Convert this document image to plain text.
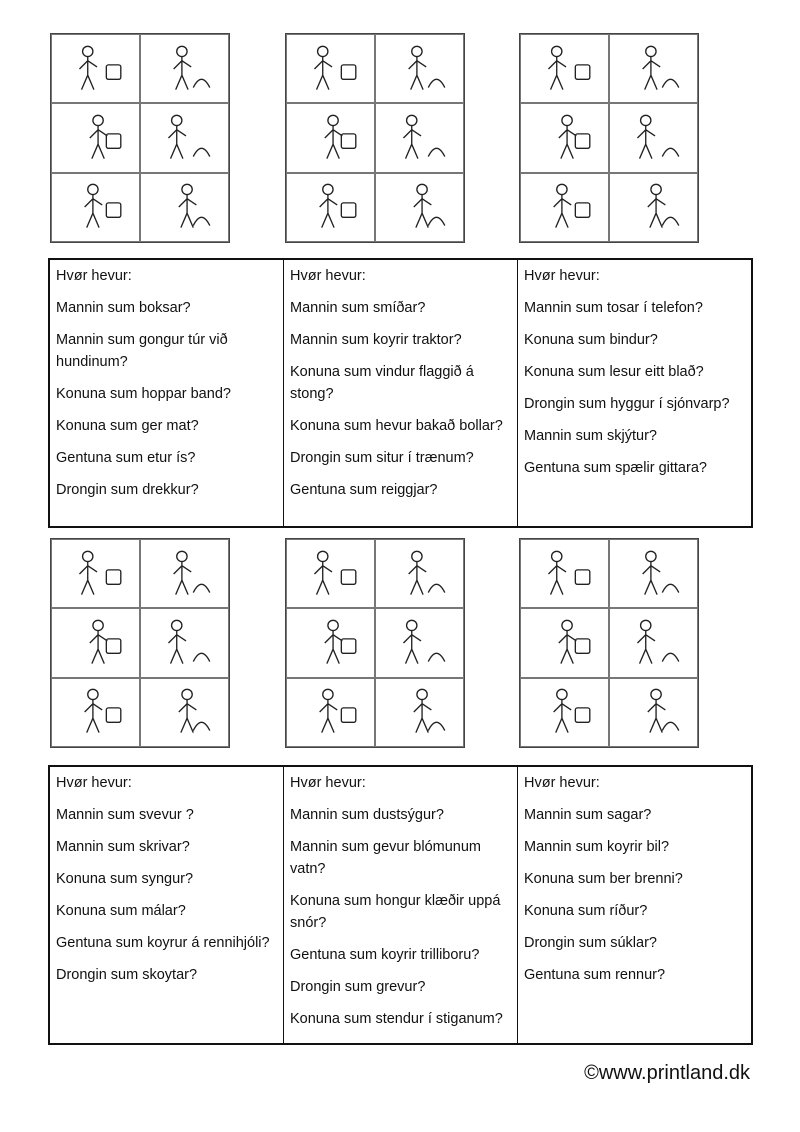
Hvør hevur:
Mannin sum boksar?
Mannin sum gongur túr við hundinum?
Konuna sum hoppar band?
Konuna sum ger mat?
Gentuna sum etur ís?
Drongin sum drekkur?
Hvør hevur:
Mannin sum smíðar?
Mannin sum koyrir traktor?
Konuna sum vindur flaggið á stong?
Konuna sum hevur bakað bollar?
Drongin sum situr í trænum?
Gentuna sum reiggjar?
Hvør hevur:
Mannin sum tosar í telefon?
Konuna sum bindur?
Konuna sum lesur eitt blað?
Drongin sum hyggur í sjónvarp?
Mannin sum skjýtur?
Gentuna sum spælir gittara?
Hvør hevur:
Mannin sum svevur ?
Mannin sum skrivar?
Konuna sum syngur?
Konuna sum málar?
Gentuna sum koyrur á rennihjóli?
Drongin sum skoytar?
Hvør hevur:
Mannin sum dustsýgur?
Mannin sum gevur blómunum vatn?
Konuna sum hongur klæðir uppá snór?
Gentuna sum koyrir trilliboru?
Drongin sum grevur?
Konuna sum stendur í stiganum?
Hvør hevur:
Mannin sum sagar?
Mannin sum koyrir bil?
Konuna sum ber brenni?
Konuna sum ríður?
Drongin sum súklar?
Gentuna sum rennur?
©www.printland.dk
